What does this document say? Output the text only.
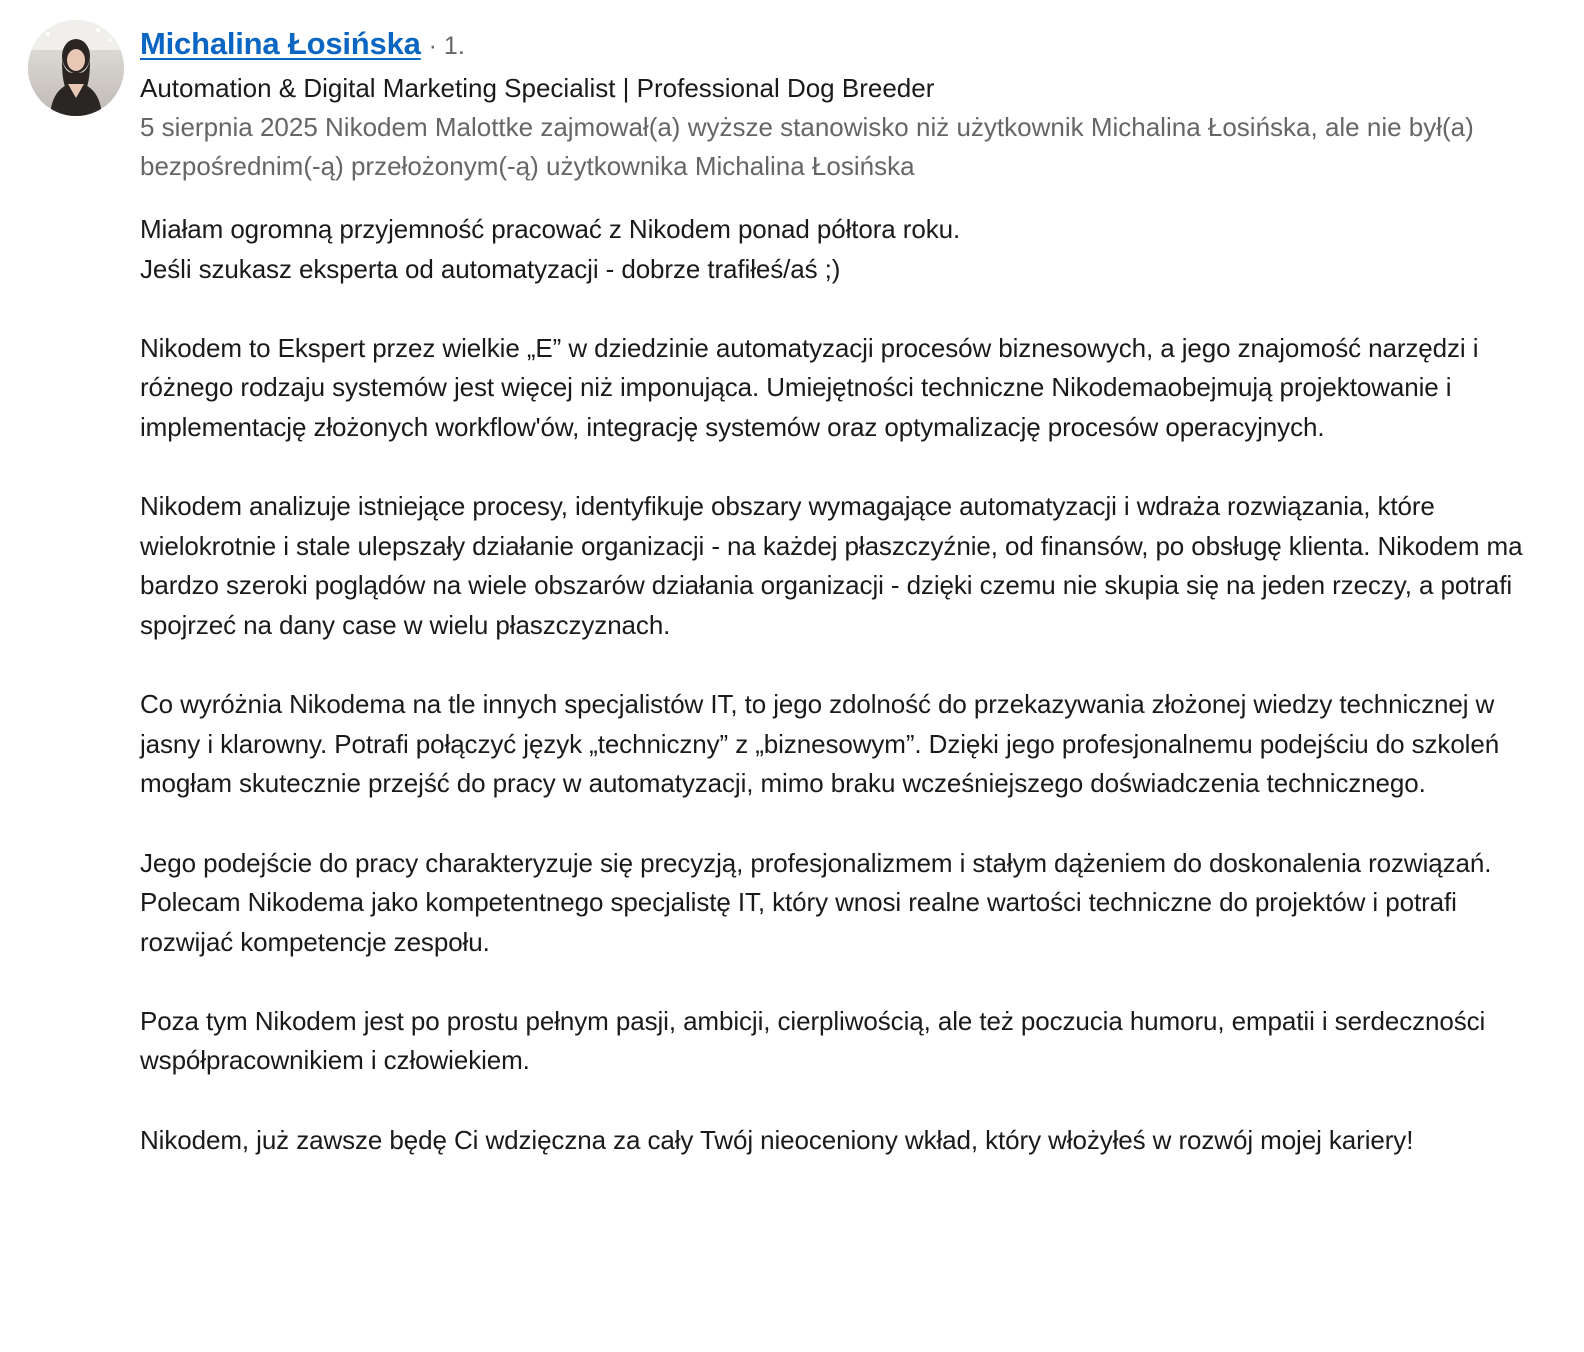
Michalina Łosińska · 1.
Automation & Digital Marketing Specialist | Professional Dog Breeder
5 sierpnia 2025 Nikodem Malottke zajmował(a) wyższe stanowisko niż użytkownik Michalina Łosińska, ale nie był(a) bezpośrednim(-ą) przełożonym(-ą) użytkownika Michalina Łosińska
Miałam ogromną przyjemność pracować z Nikodem ponad półtora roku.
Jeśli szukasz eksperta od automatyzacji - dobrze trafiłeś/aś ;)

Nikodem to Ekspert przez wielkie „E” w dziedzinie automatyzacji procesów biznesowych, a jego znajomość narzędzi i różnego rodzaju systemów jest więcej niż imponująca. Umiejętności techniczne Nikodemaobejmują projektowanie i implementację złożonych workflow'ów, integrację systemów oraz optymalizację procesów operacyjnych.

Nikodem analizuje istniejące procesy, identyfikuje obszary wymagające automatyzacji i wdraża rozwiązania, które wielokrotnie i stale ulepszały działanie organizacji - na każdej płaszczyźnie, od finansów, po obsługę klienta. Nikodem ma bardzo szeroki poglądów na wiele obszarów działania organizacji - dzięki czemu nie skupia się na jeden rzeczy, a potrafi spojrzeć na dany case w wielu płaszczyznach.

Co wyróżnia Nikodema na tle innych specjalistów IT, to jego zdolność do przekazywania złożonej wiedzy technicznej w jasny i klarowny. Potrafi połączyć język „techniczny” z „biznesowym”. Dzięki jego profesjonalnemu podejściu do szkoleń mogłam skutecznie przejść do pracy w automatyzacji, mimo braku wcześniejszego doświadczenia technicznego.

Jego podejście do pracy charakteryzuje się precyzją, profesjonalizmem i stałym dążeniem do doskonalenia rozwiązań.
Polecam Nikodema jako kompetentnego specjalistę IT, który wnosi realne wartości techniczne do projektów i potrafi rozwijać kompetencje zespołu.

Poza tym Nikodem jest po prostu pełnym pasji, ambicji, cierpliwością, ale też poczucia humoru, empatii i serdeczności współpracownikiem i człowiekiem.

Nikodem, już zawsze będę Ci wdzięczna za cały Twój nieoceniony wkład, który włożyłeś w rozwój mojej kariery!
